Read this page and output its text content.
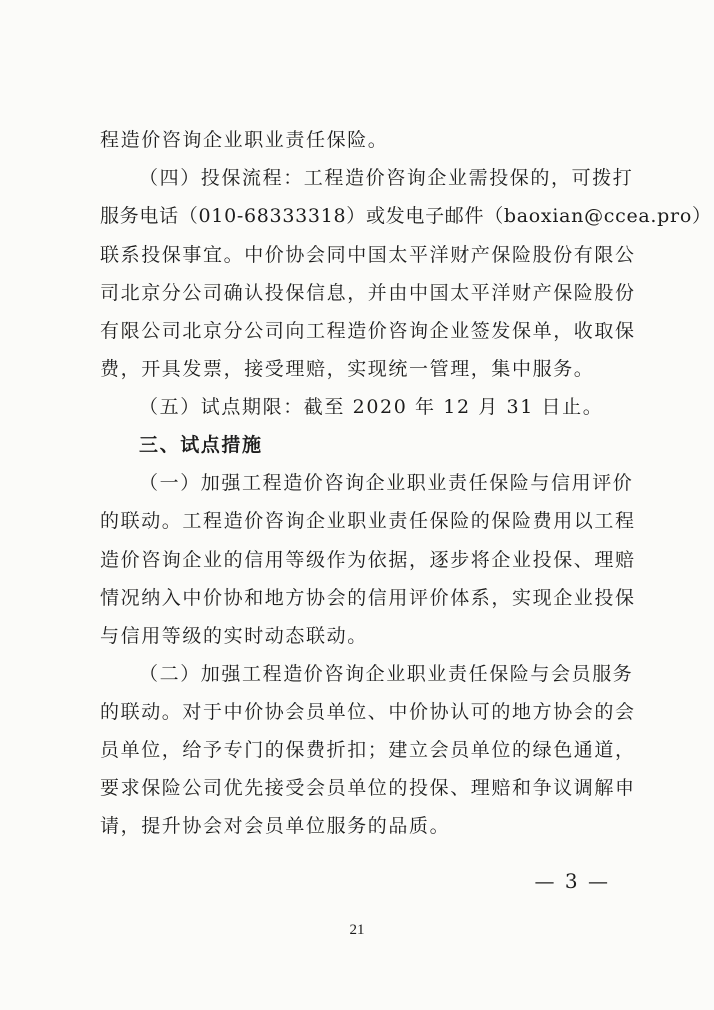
程造价咨询企业职业责任保险。
（四）投保流程：工程造价咨询企业需投保的，可拨打
服务电话（010-68333318）或发电子邮件（baoxian@ccea.pro）
联系投保事宜。中价协会同中国太平洋财产保险股份有限公
司北京分公司确认投保信息，并由中国太平洋财产保险股份
有限公司北京分公司向工程造价咨询企业签发保单，收取保
费，开具发票，接受理赔，实现统一管理，集中服务。
（五）试点期限：截至 2020 年 12 月 31 日止。
三、试点措施
（一）加强工程造价咨询企业职业责任保险与信用评价
的联动。工程造价咨询企业职业责任保险的保险费用以工程
造价咨询企业的信用等级作为依据，逐步将企业投保、理赔
情况纳入中价协和地方协会的信用评价体系，实现企业投保
与信用等级的实时动态联动。
（二）加强工程造价咨询企业职业责任保险与会员服务
的联动。对于中价协会员单位、中价协认可的地方协会的会
员单位，给予专门的保费折扣；建立会员单位的绿色通道，
要求保险公司优先接受会员单位的投保、理赔和争议调解申
请，提升协会对会员单位服务的品质。
— 3 —
21
